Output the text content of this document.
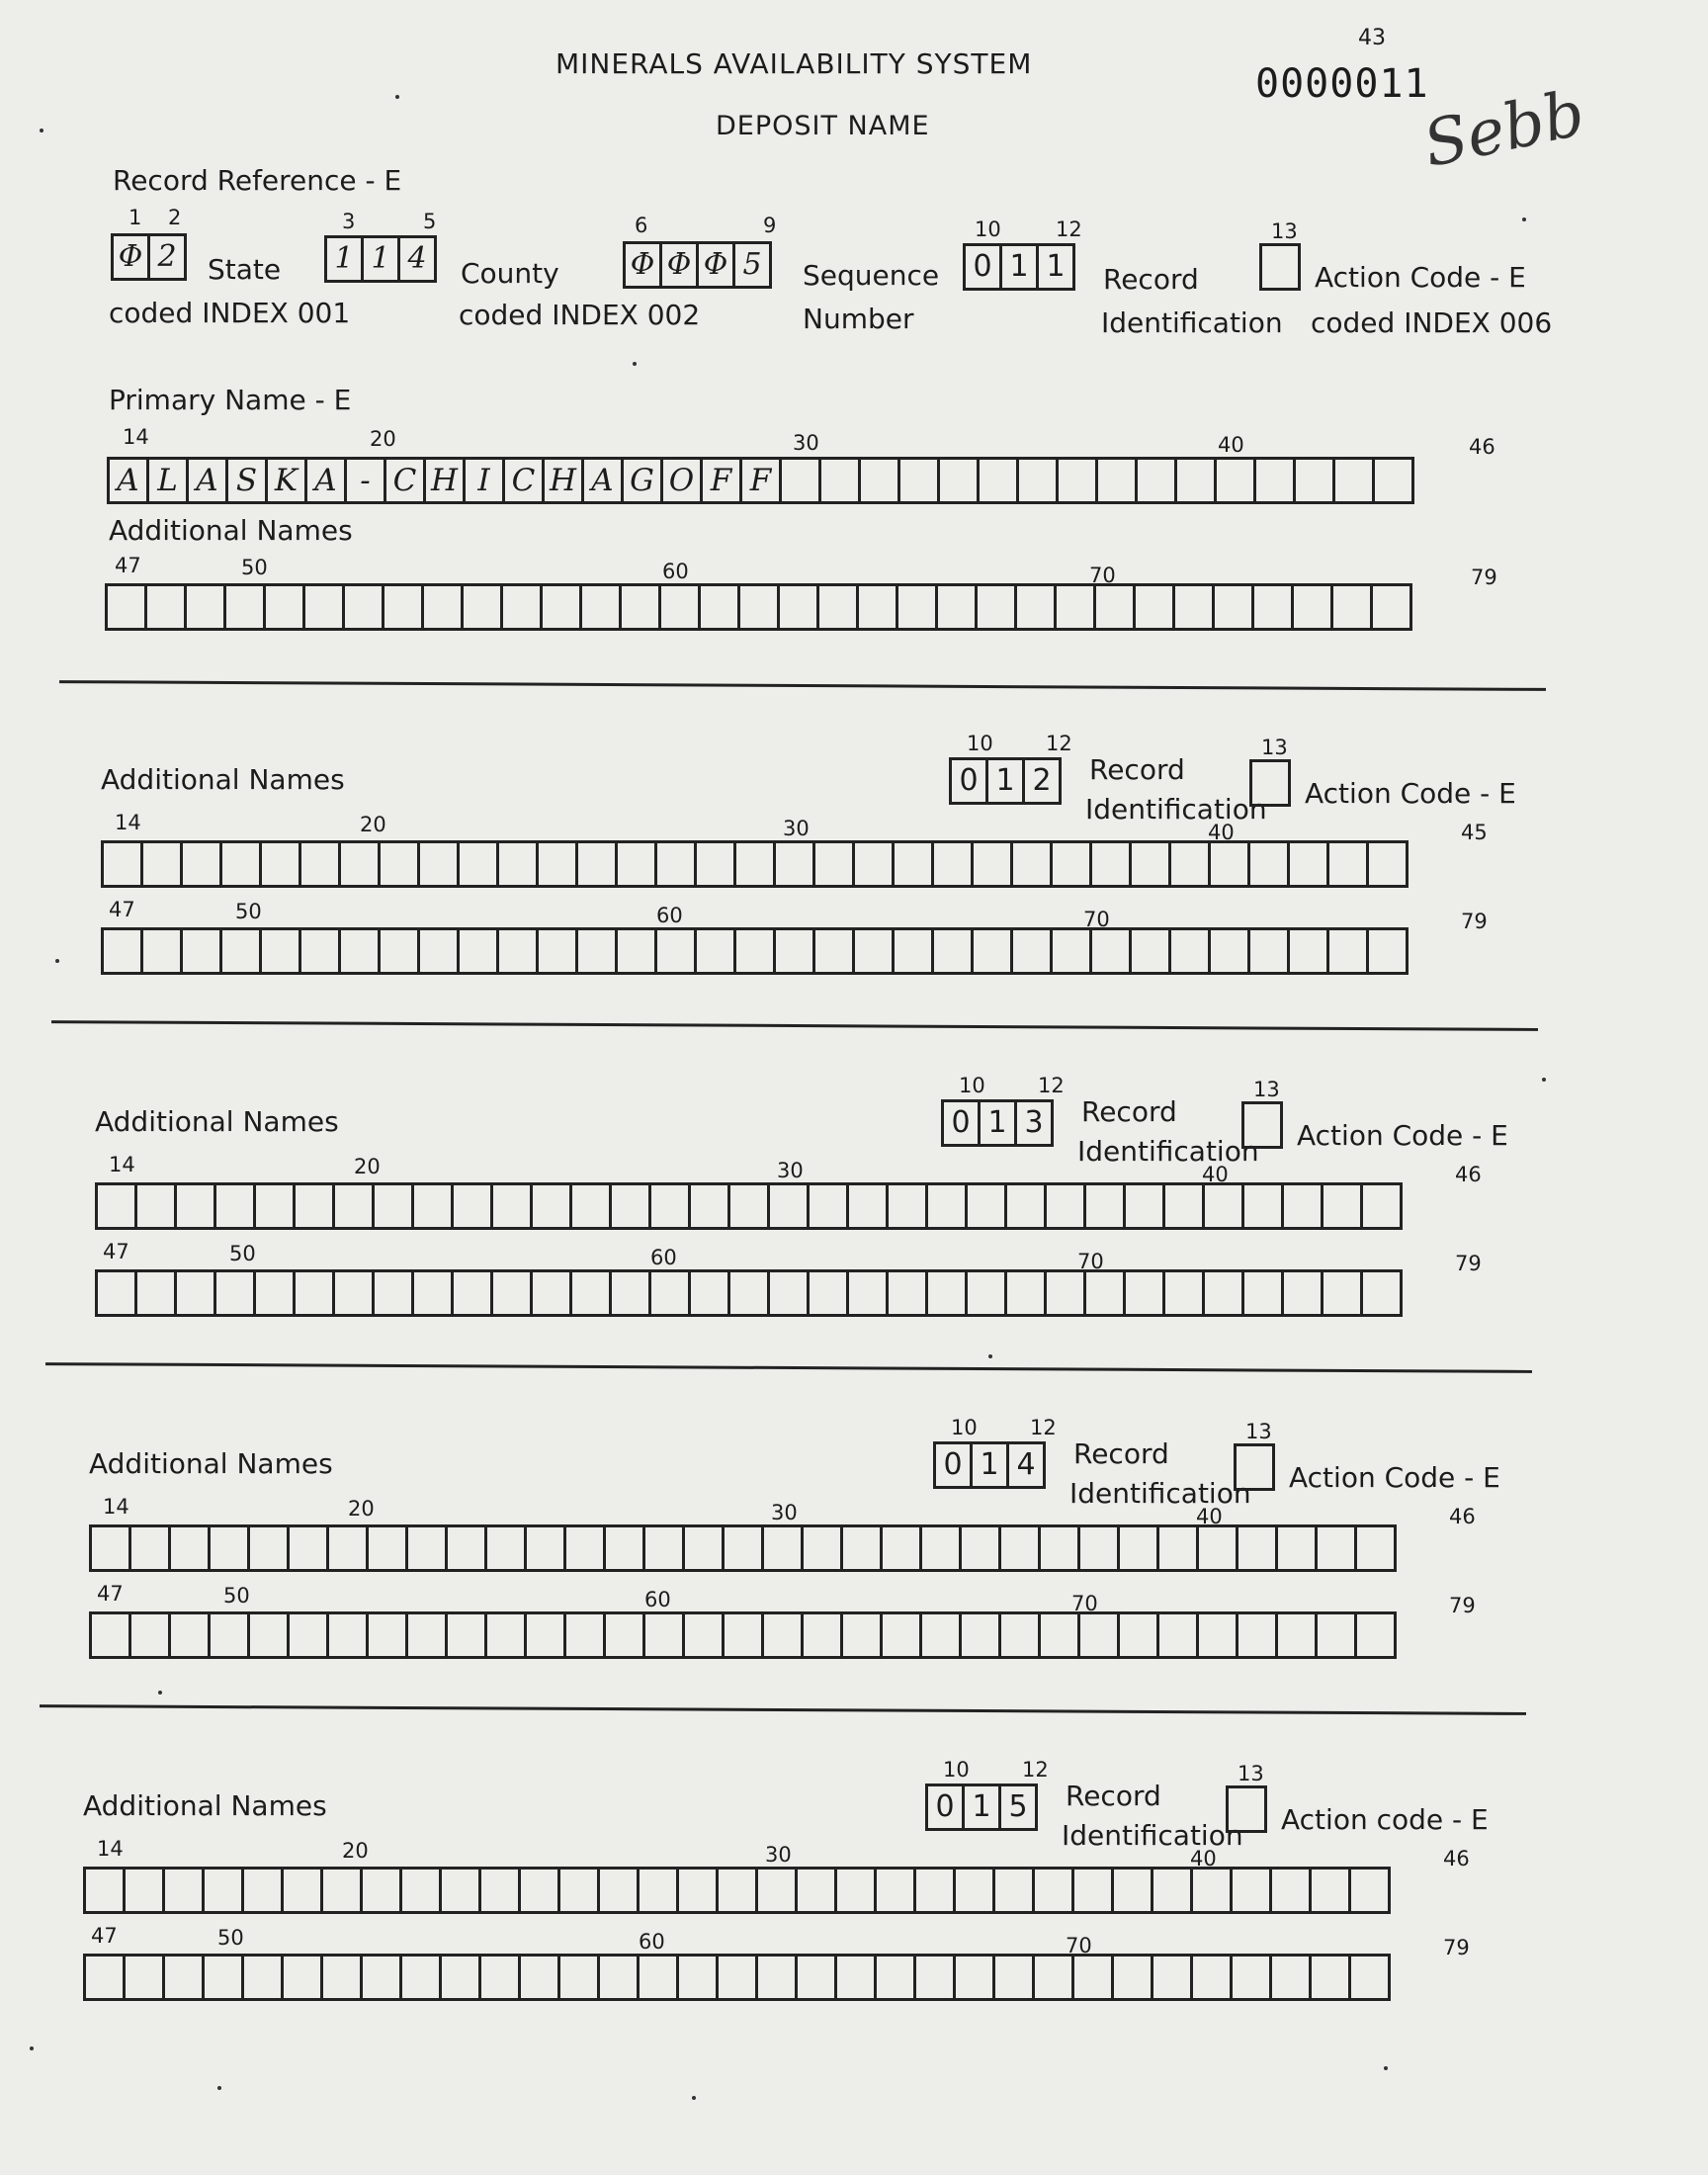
MINERALS AVAILABILITY SYSTEM
DEPOSIT NAME
0000011
43
Sebb
Record Reference - E
1 2
Φ 2	State
coded INDEX 001
3	5
1 1 4	County
coded INDEX 002
6	9
Φ Φ Φ 5	Sequence
Number
10	12
0 1 1	Record
Identification
13
Action Code - E
coded INDEX 006
Primary Name - E
14	20	30	40	46
A L A S K A - C H I C H A G O F F
Additional Names
47	50	60	70	79
Additional Names
10	12
0 1 2	Record
Identification
13
Action Code - E
14	20	30	40	45
47	50	60	70	79
Additional Names
10	12
0 1 3	Record
Identification
13
Action Code - E
14	20	30	40	46
47	50	60	70	79
Additional Names
10	12
0 1 4	Record
Identification
13
Action Code - E
14	20	30	40	46
47	50	60	70	79
Additional Names
10	12
0 1 5	Record
Identification
13
Action code - E
14	20	30	40	46
47	50	60	70	79
